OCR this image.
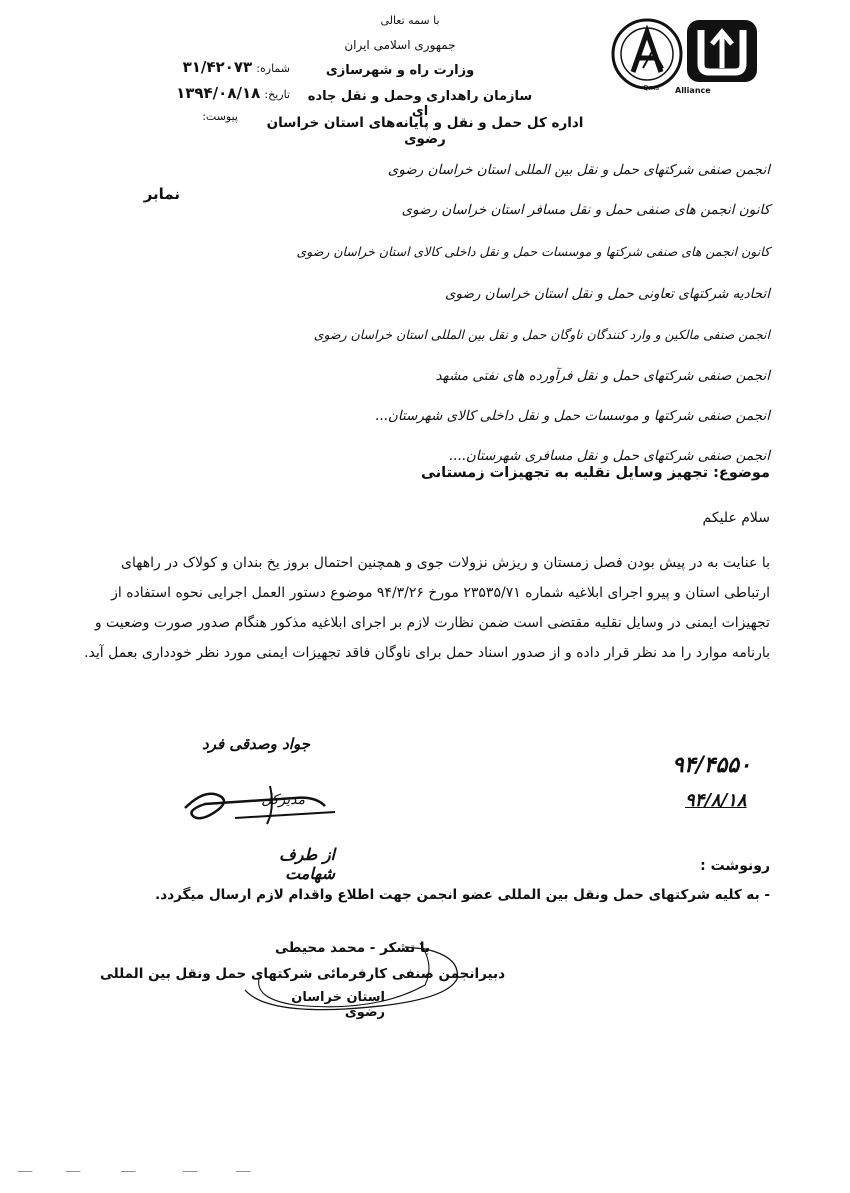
Qms Alliance
با سمه تعالی
جمهوری اسلامی ایران
وزارت راه و شهرسازی
سازمان راهداری وحمل و نقل جاده ای
اداره کل حمل و نقل و پایانه‌های استان خراسان رضوی
شماره: ۳۱/۴۲۰۷۳
تاریخ: ۱۳۹۴/۰۸/۱۸
پیوست:
نمابر
انجمن صنفی شرکتهای حمل و نقل بین المللی استان خراسان رضوی
کانون انجمن های صنفی حمل و نقل مسافر استان خراسان رضوی
کانون انجمن های صنفی شرکتها و موسسات حمل و نقل داخلی کالای استان خراسان رضوی
اتحادیه شرکتهای تعاونی حمل و نقل استان خراسان رضوی
انجمن صنفی مالکین و وارد کنندگان ناوگان حمل و نقل بین المللی استان خراسان رضوی
انجمن صنفی شرکتهای حمل و نقل فرآورده های نفتی مشهد
انجمن صنفی شرکتها و موسسات حمل و نقل داخلی کالای شهرستان...
انجمن صنفی شرکتهای حمل و نقل مسافری شهرستان....
موضوع: تجهیز وسایل نقلیه به تجهیزات زمستانی
سلام علیکم
با عنایت به در پیش بودن فصل زمستان و ریزش نزولات جوی و همچنین احتمال بروز یخ بندان و کولاک در راههای
ارتباطی استان و پیرو اجرای ابلاغیه شماره ۲۳۵۳۵/۷۱ مورخ ۹۴/۳/۲۶ موضوع دستور العمل اجرایی نحوه استفاده از
تجهیزات ایمنی در وسایل نقلیه مقتضی است ضمن نظارت لازم بر اجرای ابلاغیه مذکور هنگام صدور صورت وضعیت و
بارنامه موارد را مد نظر قرار داده و از صدور اسناد حمل برای ناوگان فاقد تجهیزات ایمنی مورد نظر خودداری بعمل آید.
جواد وصدقی فرد
مدیرکل
از طرف شهامت
۹۴/۴۵۵۰
۹۴/۸/۱۸
رونوشت :
- به کلیه شرکتهای حمل ونقل بین المللی عضو انجمن جهت اطلاع واقدام لازم ارسال میگردد.
با تشکر - محمد محیطی
دبیرانجمن صنفی کارفرمائی شرکتهای حمل ونقل بین المللی
استان خراسان رضوی
__	__	__	__	__
